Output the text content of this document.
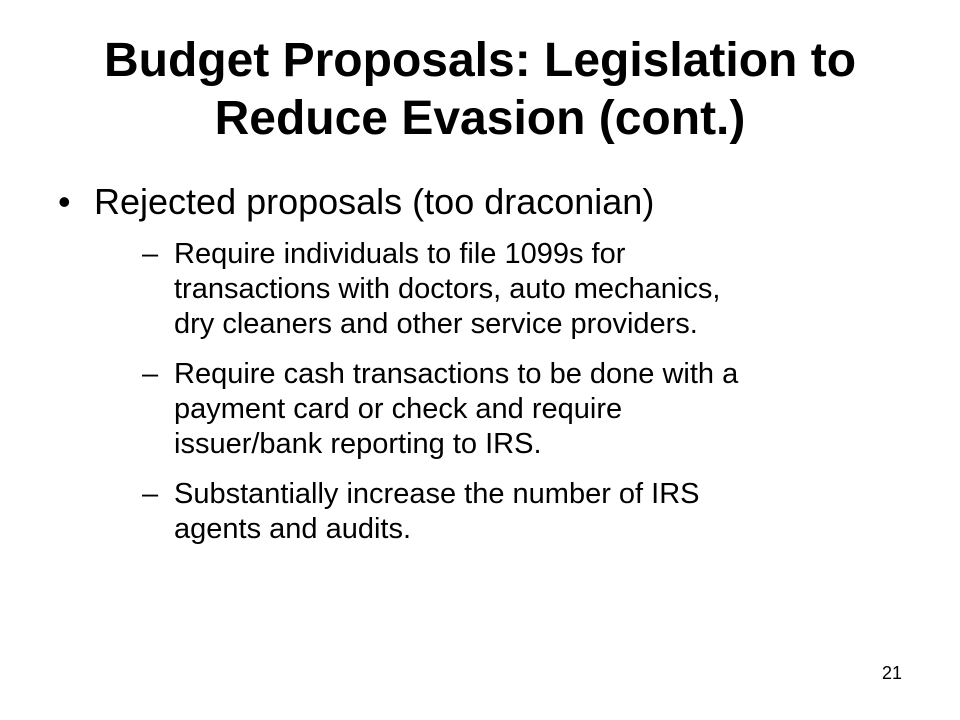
Budget Proposals: Legislation to
Reduce Evasion (cont.)
• Rejected proposals (too draconian)
– Require individuals to file 1099s for
transactions with doctors, auto mechanics,
dry cleaners and other service providers.
– Require cash transactions to be done with a
payment card or check and require
issuer/bank reporting to IRS.
– Substantially increase the number of IRS
agents and audits.
21
